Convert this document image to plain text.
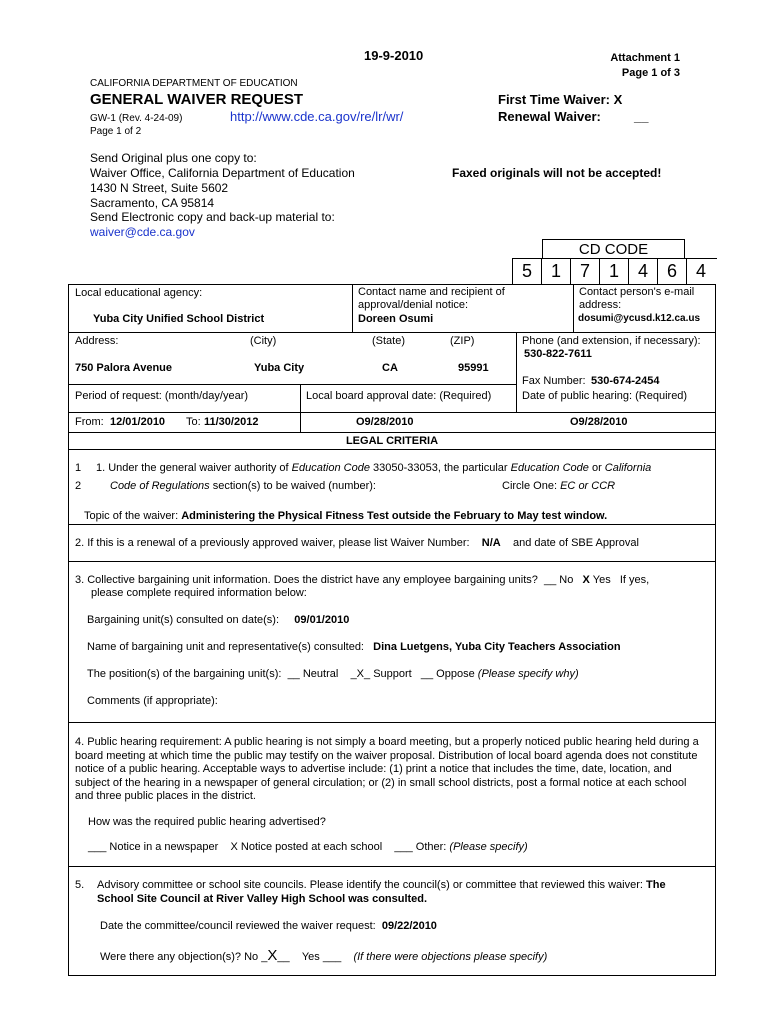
19-9-2010	Attachment 1
Page 1 of 3
CALIFORNIA DEPARTMENT OF EDUCATION
GENERAL WAIVER REQUEST
GW-1 (Rev. 4-24-09)	http://www.cde.ca.gov/re/lr/wr/
Page 1 of 2
First Time Waiver: X
Renewal Waiver:	__
Send Original plus one copy to:
Waiver Office, California Department of Education
1430 N Street, Suite 5602
Sacramento, CA 95814
Send Electronic copy and back-up material to:
waiver@cde.ca.gov
Faxed originals will not be accepted!
CD CODE
5	1	7	1	4	6	4
Local educational agency:
Yuba City Unified School District
Contact name and recipient of approval/denial notice:
Doreen Osumi
Contact person's e-mail address:
dosumi@ycusd.k12.ca.us
Address:	(City)	(State)	(ZIP)
750 Palora Avenue	Yuba City	CA	95991
Phone (and extension, if necessary):
530-822-7611
Fax Number: 530-674-2454
Period of request: (month/day/year)
From: 12/01/2010 To: 11/30/2012
Local board approval date: (Required)
O9/28/2010
Date of public hearing: (Required)
O9/28/2010
LEGAL CRITERIA
1
2
1. Under the general waiver authority of Education Code 33050-33053, the particular Education Code or California
Code of Regulations section(s) to be waived (number):	Circle One: EC or CCR
Topic of the waiver: Administering the Physical Fitness Test outside the February to May test window.
2. If this is a renewal of a previously approved waiver, please list Waiver Number: N/A and date of SBE Approval
3. Collective bargaining unit information. Does the district have any employee bargaining units? __ No X Yes If yes,
please complete required information below:
Bargaining unit(s) consulted on date(s): 09/01/2010
Name of bargaining unit and representative(s) consulted: Dina Luetgens, Yuba City Teachers Association
The position(s) of the bargaining unit(s): __ Neutral _X_ Support __ Oppose (Please specify why)
Comments (if appropriate):
4. Public hearing requirement: A public hearing is not simply a board meeting, but a properly noticed public hearing held during a board meeting at which time the public may testify on the waiver proposal. Distribution of local board agenda does not constitute notice of a public hearing. Acceptable ways to advertise include: (1) print a notice that includes the time, date, location, and subject of the hearing in a newspaper of general circulation; or (2) in small school districts, post a formal notice at each school and three public places in the district.
How was the required public hearing advertised?
___ Notice in a newspaper X Notice posted at each school ___ Other: (Please specify)
5. Advisory committee or school site councils. Please identify the council(s) or committee that reviewed this waiver: The School Site Council at River Valley High School was consulted.
Date the committee/council reviewed the waiver request: 09/22/2010
Were there any objection(s)? No _X__ Yes ___ (If there were objections please specify)
